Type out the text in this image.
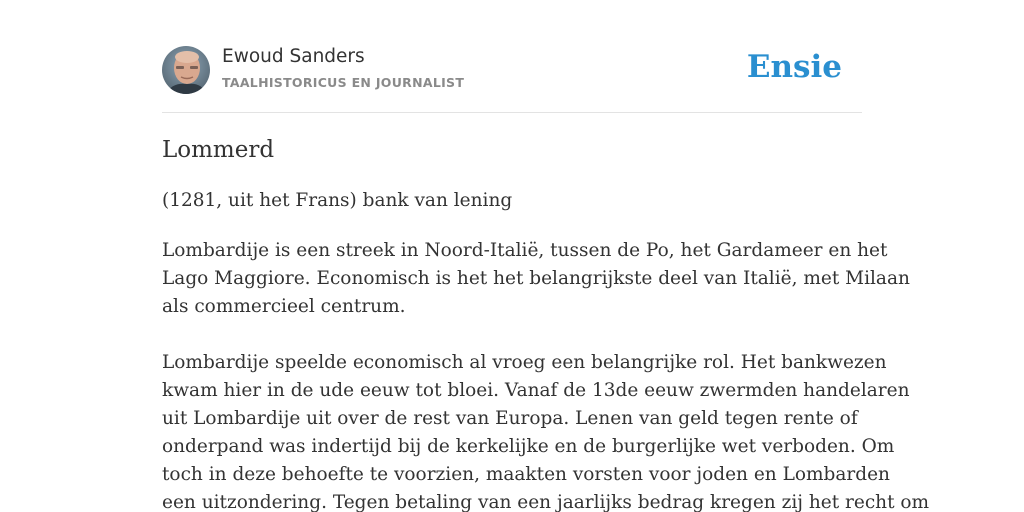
Ewoud Sanders
TAALHISTORICUS EN JOURNALIST	Ensie
Lommerd
(1281, uit het Frans) bank van lening

Lombardije is een streek in Noord-Italië, tussen de Po, het Gardameer en het
Lago Maggiore. Economisch is het het belangrijkste deel van Italië, met Milaan
als commercieel centrum.

Lombardije speelde economisch al vroeg een belangrijke rol. Het bankwezen
kwam hier in de ude eeuw tot bloei. Vanaf de 13de eeuw zwermden handelaren
uit Lombardije uit over de rest van Europa. Lenen van geld tegen rente of
onderpand was indertijd bij de kerkelijke en de burgerlijke wet verboden. Om
toch in deze behoefte te voorzien, maakten vorsten voor joden en Lombarden
een uitzondering. Tegen betaling van een jaarlijks bedrag kregen zij het recht om
